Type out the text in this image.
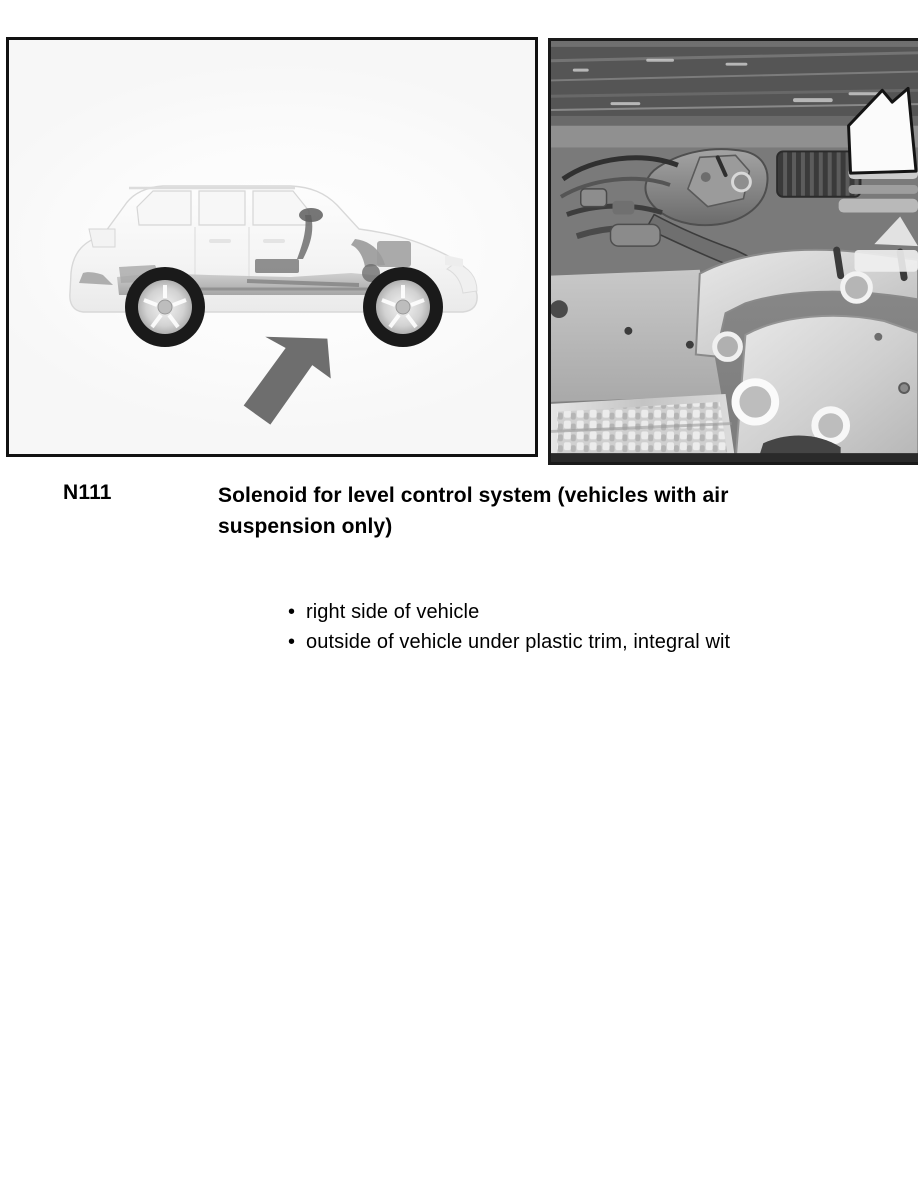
N111	Solenoid for level control system (vehicles with air
suspension only)
• right side of vehicle
• outside of vehicle under plastic trim, integral wit
